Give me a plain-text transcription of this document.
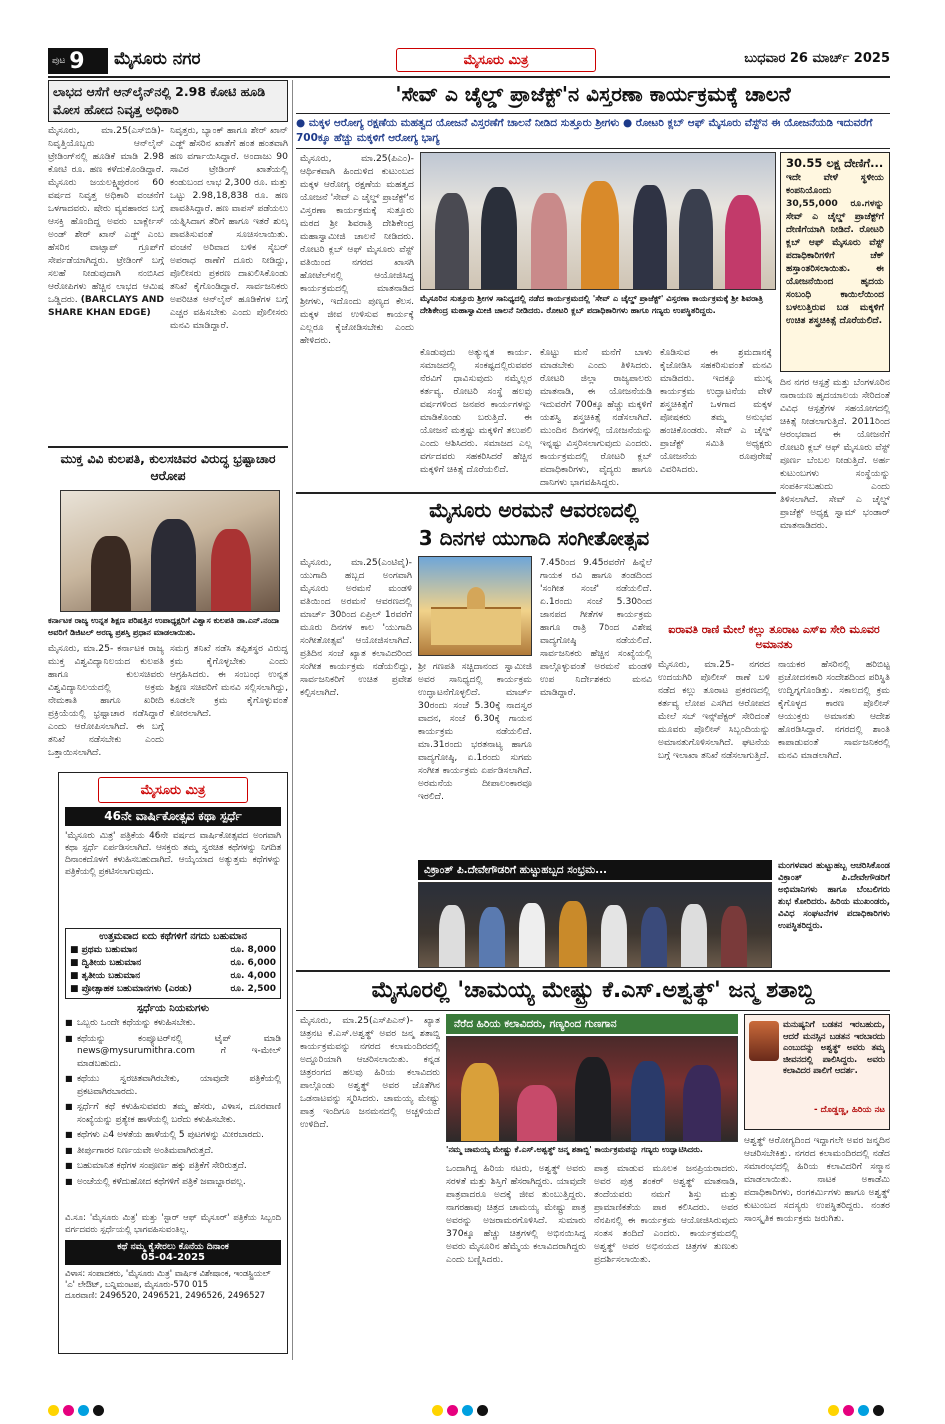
ಪುಟ 9 ಮೈಸೂರು ನಗರ	ಮೈಸೂರು ಮಿತ್ರ	ಬುಧವಾರ 26 ಮಾರ್ಚ್ 2025
ಲಾಭದ ಆಸೆಗೆ ಆನ್‌ಲೈನ್‌ನಲ್ಲಿ 2.98 ಕೋಟಿ ಹೂಡಿ ಮೋಸ ಹೋದ ನಿವೃತ್ತ ಅಧಿಕಾರಿ
ಮೈಸೂರು, ಮಾ.25(ಎಸ್‌ಬಿಡಿ)- ನಿವೃತ್ತಿಯೊಬ್ಬರು ಆನ್‌ಲೈನ್ ಟ್ರೇಡಿಂಗ್‌ನಲ್ಲಿ ಹೂಡಿಕೆ ಮಾಡಿ 2.98 ಕೋಟಿ ರೂ. ಹಣ ಕಳೆದುಕೊಂಡಿದ್ದಾರೆ. ಮೈಸೂರು ಜಯಲಕ್ಷ್ಮಿಪುರಂನ 60 ವರ್ಷದ ನಿವೃತ್ತ ಅಧಿಕಾರಿ ವಂಚನೆಗೆ ಒಳಗಾದವರು. ಷೇರು ವ್ಯವಹಾರದ ಬಗ್ಗೆ ಆಸಕ್ತಿ ಹೊಂದಿದ್ದ ಅವರು ಬಾರ್ಕ್ಲೇಸ್ ಅಂಡ್ ಶೇರ್ ಖಾನ್ ಎಡ್ಜ್ ಎಂಬ ಹೆಸರಿನ ವಾಟ್ಸಾಪ್ ಗ್ರೂಪ್‌ಗೆ ಸೇರ್ಪಡೆಯಾಗಿದ್ದರು. ಟ್ರೇಡಿಂಗ್ ಬಗ್ಗೆ ಸಲಹೆ ನೀಡುವುದಾಗಿ ನಂಬಿಸಿದ ಆರೋಪಿಗಳು ಹೆಚ್ಚಿನ ಲಾಭದ ಆಮಿಷ ಒಡ್ಡಿದರು. (BARCLAYS AND SHARE KHAN EDGE)
ನಿವೃತ್ತರು, ಬ್ಯಾಂಕ್ ಹಾಗೂ ಶೇರ್ ಖಾನ್ ಎಡ್ಜ್ ಹೆಸರಿನ ಖಾತೆಗೆ ಹಂತ ಹಂತವಾಗಿ ಹಣ ವರ್ಗಾಯಿಸಿದ್ದಾರೆ. ಅಂದಾಜು 90 ಸಾವಿರ ಟ್ರೇಡಿಂಗ್ ಖಾತೆಯಲ್ಲಿ ಕಂಡುಬಂದ ಲಾಭ 2,300 ರೂ. ಮತ್ತು ಒಟ್ಟು 2.98,18,838 ರೂ. ಹಣ ಪಾವತಿಸಿದ್ದಾರೆ. ಹಣ ವಾಪಸ್ ಪಡೆಯಲು ಯತ್ನಿಸಿದಾಗ ತೆರಿಗೆ ಹಾಗೂ ಇತರೆ ಶುಲ್ಕ ಪಾವತಿಸುವಂತೆ ಸೂಚಿಸಲಾಯಿತು. ವಂಚನೆ ಅರಿವಾದ ಬಳಿಕ ಸೈಬರ್ ಅಪರಾಧ ಠಾಣೆಗೆ ದೂರು ನೀಡಿದ್ದು, ಪೊಲೀಸರು ಪ್ರಕರಣ ದಾಖಲಿಸಿಕೊಂಡು ತನಿಖೆ ಕೈಗೊಂಡಿದ್ದಾರೆ. ಸಾರ್ವಜನಿಕರು ಅಪರಿಚಿತ ಆನ್‌ಲೈನ್ ಹೂಡಿಕೆಗಳ ಬಗ್ಗೆ ಎಚ್ಚರ ವಹಿಸಬೇಕು ಎಂದು ಪೊಲೀಸರು ಮನವಿ ಮಾಡಿದ್ದಾರೆ.
ಮುಕ್ತ ವಿವಿ ಕುಲಪತಿ, ಕುಲಸಚಿವರ ವಿರುದ್ಧ ಭ್ರಷ್ಟಾಚಾರ ಆರೋಪ
ಕರ್ನಾಟಕ ರಾಜ್ಯ ಉನ್ನತ ಶಿಕ್ಷಣ ಪರಿಷತ್ತಿನ ಉಪಾಧ್ಯಕ್ಷರಿಗೆ ವಿಶ್ವಾಸ ಕುಲಪತಿ ಡಾ.ಎನ್.ನಂದಾ ಅವರಿಗೆ ಡಿಜಿಟಲ್ ಅರಣ್ಯ ಪ್ರಶಸ್ತಿ ಪ್ರಧಾನ ಮಾಡಲಾಯಿತು.
ಮೈಸೂರು, ಮಾ.25- ಕರ್ನಾಟಕ ರಾಜ್ಯ ಮುಕ್ತ ವಿಶ್ವವಿದ್ಯಾನಿಲಯದ ಕುಲಪತಿ ಹಾಗೂ ಕುಲಸಚಿವರು ವಿಶ್ವವಿದ್ಯಾನಿಲಯದಲ್ಲಿ ಅಕ್ರಮ ನೇಮಕಾತಿ ಹಾಗೂ ಖರೀದಿ ಪ್ರಕ್ರಿಯೆಯಲ್ಲಿ ಭ್ರಷ್ಟಾಚಾರ ನಡೆಸಿದ್ದಾರೆ ಎಂದು ಆರೋಪಿಸಲಾಗಿದೆ. ಈ ಬಗ್ಗೆ ತನಿಖೆ ನಡೆಸಬೇಕು ಎಂದು ಒತ್ತಾಯಿಸಲಾಗಿದೆ.
ಸಮಗ್ರ ತನಿಖೆ ನಡೆಸಿ ತಪ್ಪಿತಸ್ಥರ ವಿರುದ್ಧ ಕ್ರಮ ಕೈಗೊಳ್ಳಬೇಕು ಎಂದು ಆಗ್ರಹಿಸಿದರು. ಈ ಸಂಬಂಧ ಉನ್ನತ ಶಿಕ್ಷಣ ಸಚಿವರಿಗೆ ಮನವಿ ಸಲ್ಲಿಸಲಾಗಿದ್ದು, ಕೂಡಲೇ ಕ್ರಮ ಕೈಗೊಳ್ಳುವಂತೆ ಕೋರಲಾಗಿದೆ.
ಮೈಸೂರು ಮಿತ್ರ
46ನೇ ವಾರ್ಷಿಕೋತ್ಸವ ಕಥಾ ಸ್ಪರ್ಧೆ
'ಮೈಸೂರು ಮಿತ್ರ' ಪತ್ರಿಕೆಯ 46ನೇ ವರ್ಷದ ವಾರ್ಷಿಕೋತ್ಸವದ ಅಂಗವಾಗಿ ಕಥಾ ಸ್ಪರ್ಧೆ ಏರ್ಪಡಿಸಲಾಗಿದೆ. ಆಸಕ್ತರು ತಮ್ಮ ಸ್ವರಚಿತ ಕಥೆಗಳನ್ನು ನಿಗದಿತ ದಿನಾಂಕದೊಳಗೆ ಕಳುಹಿಸಬಹುದಾಗಿದೆ. ಆಯ್ಕೆಯಾದ ಅತ್ಯುತ್ತಮ ಕಥೆಗಳನ್ನು ಪತ್ರಿಕೆಯಲ್ಲಿ ಪ್ರಕಟಿಸಲಾಗುವುದು.
ಉತ್ತಮವಾದ ಐದು ಕಥೆಗಳಿಗೆ ನಗದು ಬಹುಮಾನ
■ ಪ್ರಥಮ ಬಹುಮಾನ	ರೂ. 8,000
■ ದ್ವಿತೀಯ ಬಹುಮಾನ	ರೂ. 6,000
■ ತೃತೀಯ ಬಹುಮಾನ	ರೂ. 4,000
■ ಪ್ರೋತ್ಸಾಹಕ ಬಹುಮಾನಗಳು (ಎರಡು)	ರೂ. 2,500
ಸ್ಪರ್ಧೆಯ ನಿಯಮಗಳು
■ ಒಬ್ಬರು ಒಂದೇ ಕಥೆಯನ್ನು ಕಳುಹಿಸಬೇಕು.
■ ಕಥೆಯನ್ನು ಕಂಪ್ಯೂಟರ್‌ನಲ್ಲಿ ಟೈಪ್ ಮಾಡಿ news@mysurumithra.com ಗೆ ಇ-ಮೇಲ್ ಮಾಡಬಹುದು.
■ ಕಥೆಯು ಸ್ವರಚಿತವಾಗಿರಬೇಕು, ಯಾವುದೇ ಪತ್ರಿಕೆಯಲ್ಲಿ ಪ್ರಕಟವಾಗಿರಬಾರದು.
■ ಸ್ಪರ್ಧೆಗೆ ಕಥೆ ಕಳುಹಿಸುವವರು ತಮ್ಮ ಹೆಸರು, ವಿಳಾಸ, ದೂರವಾಣಿ ಸಂಖ್ಯೆಯನ್ನು ಪ್ರತ್ಯೇಕ ಹಾಳೆಯಲ್ಲಿ ಬರೆದು ಕಳುಹಿಸಬೇಕು.
■ ಕಥೆಗಳು ಎ4 ಅಳತೆಯ ಹಾಳೆಯಲ್ಲಿ 5 ಪುಟಗಳನ್ನು ಮೀರಬಾರದು.
■ ತೀರ್ಪುಗಾರರ ನಿರ್ಣಯವೇ ಅಂತಿಮವಾಗಿರುತ್ತದೆ.
■ ಬಹುಮಾನಿತ ಕಥೆಗಳ ಸಂಪೂರ್ಣ ಹಕ್ಕು ಪತ್ರಿಕೆಗೆ ಸೇರಿರುತ್ತದೆ.
■ ಅಂಚೆಯಲ್ಲಿ ಕಳೆದುಹೋದ ಕಥೆಗಳಿಗೆ ಪತ್ರಿಕೆ ಜವಾಬ್ದಾರವಲ್ಲ.
ವಿ.ಸೂ: 'ಮೈಸೂರು ಮಿತ್ರ' ಮತ್ತು 'ಸ್ಟಾರ್ ಆಫ್ ಮೈಸೂರ್' ಪತ್ರಿಕೆಯ ಸಿಬ್ಬಂದಿ ವರ್ಗದವರು ಸ್ಪರ್ಧೆಯಲ್ಲಿ ಭಾಗವಹಿಸುವಂತಿಲ್ಲ.
ಕಥೆ ನಮ್ಮ ಕೈಸೇರಲು ಕೊನೆಯ ದಿನಾಂಕ
05-04-2025
ವಿಳಾಸ: ಸಂಪಾದಕರು, 'ಮೈಸೂರು ಮಿತ್ರ' ವಾರ್ಷಿಕ ವಿಶೇಷಾಂಕ, ಇಂಡಸ್ಟ್ರಿಯಲ್ 'ಎ' ಲೇಔಟ್, ಬನ್ನಿಮಂಟಪ, ಮೈಸೂರು-570 015
ದೂರವಾಣಿ: 2496520, 2496521, 2496526, 2496527
'ಸೇವ್ ಎ ಚೈಲ್ಡ್ ಪ್ರಾಜೆಕ್ಟ್'ನ ವಿಸ್ತರಣಾ ಕಾರ್ಯಕ್ರಮಕ್ಕೆ ಚಾಲನೆ
● ಮಕ್ಕಳ ಆರೋಗ್ಯ ರಕ್ಷಣೆಯ ಮಹತ್ವದ ಯೋಜನೆ ವಿಸ್ತರಣೆಗೆ ಚಾಲನೆ ನೀಡಿದ ಸುತ್ತೂರು ಶ್ರೀಗಳು ● ರೋಟರಿ ಕ್ಲಬ್ ಆಫ್ ಮೈಸೂರು ವೆಸ್ಟ್‌ನ ಈ ಯೋಜನೆಯಡಿ ಇದುವರೆಗೆ 700ಕ್ಕೂ ಹೆಚ್ಚು ಮಕ್ಕಳಿಗೆ ಆರೋಗ್ಯ ಭಾಗ್ಯ
ಮೈಸೂರಿನ ಸುತ್ತೂರು ಶ್ರೀಗಳ ಸಾನಿಧ್ಯದಲ್ಲಿ ನಡೆದ ಕಾರ್ಯಕ್ರಮದಲ್ಲಿ 'ಸೇವ್ ಎ ಚೈಲ್ಡ್ ಪ್ರಾಜೆಕ್ಟ್' ವಿಸ್ತರಣಾ ಕಾರ್ಯಕ್ರಮಕ್ಕೆ ಶ್ರೀ ಶಿವರಾತ್ರಿ ದೇಶಿಕೇಂದ್ರ ಮಹಾಸ್ವಾಮೀಜಿ ಚಾಲನೆ ನೀಡಿದರು. ರೋಟರಿ ಕ್ಲಬ್ ಪದಾಧಿಕಾರಿಗಳು ಹಾಗೂ ಗಣ್ಯರು ಉಪಸ್ಥಿತರಿದ್ದರು.
ಮೈಸೂರು, ಮಾ.25(ಪಿಎಂ)- ಆರ್ಥಿಕವಾಗಿ ಹಿಂದುಳಿದ ಕುಟುಂಬದ ಮಕ್ಕಳ ಆರೋಗ್ಯ ರಕ್ಷಣೆಯ ಮಹತ್ವದ ಯೋಜನೆ 'ಸೇವ್ ಎ ಚೈಲ್ಡ್ ಪ್ರಾಜೆಕ್ಟ್'ನ ವಿಸ್ತರಣಾ ಕಾರ್ಯಕ್ರಮಕ್ಕೆ ಸುತ್ತೂರು ಮಠದ ಶ್ರೀ ಶಿವರಾತ್ರಿ ದೇಶಿಕೇಂದ್ರ ಮಹಾಸ್ವಾಮೀಜಿ ಚಾಲನೆ ನೀಡಿದರು. ರೋಟರಿ ಕ್ಲಬ್ ಆಫ್ ಮೈಸೂರು ವೆಸ್ಟ್ ವತಿಯಿಂದ ನಗರದ ಖಾಸಗಿ ಹೋಟೆಲ್‌ನಲ್ಲಿ ಆಯೋಜಿಸಿದ್ದ ಕಾರ್ಯಕ್ರಮದಲ್ಲಿ ಮಾತನಾಡಿದ ಶ್ರೀಗಳು, ಇದೊಂದು ಪುಣ್ಯದ ಕೆಲಸ. ಮಕ್ಕಳ ಜೀವ ಉಳಿಸುವ ಕಾರ್ಯಕ್ಕೆ ಎಲ್ಲರೂ ಕೈಜೋಡಿಸಬೇಕು ಎಂದು ಹೇಳಿದರು.
ಕೊಡುವುದು ಅತ್ಯುನ್ನತ ಕಾರ್ಯ. ಸಮಾಜದಲ್ಲಿ ಸಂಕಷ್ಟದಲ್ಲಿರುವವರ ನೆರವಿಗೆ ಧಾವಿಸುವುದು ನಮ್ಮೆಲ್ಲರ ಕರ್ತವ್ಯ. ರೋಟರಿ ಸಂಸ್ಥೆ ಹಲವು ವರ್ಷಗಳಿಂದ ಜನಪರ ಕಾರ್ಯಗಳನ್ನು ಮಾಡಿಕೊಂಡು ಬರುತ್ತಿದೆ. ಈ ಯೋಜನೆ ಮತ್ತಷ್ಟು ಮಕ್ಕಳಿಗೆ ತಲುಪಲಿ ಎಂದು ಆಶಿಸಿದರು. ಸಮಾಜದ ಎಲ್ಲ ವರ್ಗದವರು ಸಹಕರಿಸಿದರೆ ಹೆಚ್ಚಿನ ಮಕ್ಕಳಿಗೆ ಚಿಕಿತ್ಸೆ ದೊರೆಯಲಿದೆ.
ಕೊಟ್ಟು ಮನೆ ಮನೆಗೆ ಬಾಳು ಮಾಡಬೇಕು ಎಂದು ತಿಳಿಸಿದರು. ರೋಟರಿ ಜಿಲ್ಲಾ ರಾಜ್ಯಪಾಲರು ಮಾತನಾಡಿ, ಈ ಯೋಜನೆಯಡಿ ಇದುವರೆಗೆ 700ಕ್ಕೂ ಹೆಚ್ಚು ಮಕ್ಕಳಿಗೆ ಯಶಸ್ವಿ ಶಸ್ತ್ರಚಿಕಿತ್ಸೆ ನಡೆಸಲಾಗಿದೆ. ಮುಂದಿನ ದಿನಗಳಲ್ಲಿ ಯೋಜನೆಯನ್ನು ಇನ್ನಷ್ಟು ವಿಸ್ತರಿಸಲಾಗುವುದು ಎಂದರು. ಕಾರ್ಯಕ್ರಮದಲ್ಲಿ ರೋಟರಿ ಕ್ಲಬ್ ಪದಾಧಿಕಾರಿಗಳು, ವೈದ್ಯರು ಹಾಗೂ ದಾನಿಗಳು ಭಾಗವಹಿಸಿದ್ದರು.
ಕೊಡಿಸುವ ಈ ಶ್ರಮದಾನಕ್ಕೆ ಕೈಜೋಡಿಸಿ ಸಹಕರಿಸುವಂತೆ ಮನವಿ ಮಾಡಿದರು. ಇದಕ್ಕೂ ಮುನ್ನ ಕಾರ್ಯಕ್ರಮ ಉದ್ಘಾಟನೆಯ ವೇಳೆ ಶಸ್ತ್ರಚಿಕಿತ್ಸೆಗೆ ಒಳಗಾದ ಮಕ್ಕಳ ಪೋಷಕರು ತಮ್ಮ ಅನುಭವ ಹಂಚಿಕೊಂಡರು. ಸೇವ್ ಎ ಚೈಲ್ಡ್ ಪ್ರಾಜೆಕ್ಟ್ ಸಮಿತಿ ಅಧ್ಯಕ್ಷರು ಯೋಜನೆಯ ರೂಪುರೇಷೆ ವಿವರಿಸಿದರು.
30.55 ಲಕ್ಷ ದೇಣಿಗೆ...
ಇದೇ ವೇಳೆ ಸ್ಥಳೀಯ ಕಂಪನಿಯೊಂದು 30,55,000 ರೂ.ಗಳನ್ನು ಸೇವ್ ಎ ಚೈಲ್ಡ್ ಪ್ರಾಜೆಕ್ಟ್‌ಗೆ ದೇಣಿಗೆಯಾಗಿ ನೀಡಿದೆ. ರೋಟರಿ ಕ್ಲಬ್ ಆಫ್ ಮೈಸೂರು ವೆಸ್ಟ್ ಪದಾಧಿಕಾರಿಗಳಿಗೆ ಚೆಕ್ ಹಸ್ತಾಂತರಿಸಲಾಯಿತು. ಈ ಯೋಜನೆಯಿಂದ ಹೃದಯ ಸಂಬಂಧಿ ಕಾಯಿಲೆಯಿಂದ ಬಳಲುತ್ತಿರುವ ಬಡ ಮಕ್ಕಳಿಗೆ ಉಚಿತ ಶಸ್ತ್ರಚಿಕಿತ್ಸೆ ದೊರೆಯಲಿದೆ.
ದಿನ ನಗರ ಆಸ್ಪತ್ರೆ ಮತ್ತು ಬೆಂಗಳೂರಿನ ನಾರಾಯಣ ಹೃದಯಾಲಯ ಸೇರಿದಂತೆ ವಿವಿಧ ಆಸ್ಪತ್ರೆಗಳ ಸಹಯೋಗದಲ್ಲಿ ಚಿಕಿತ್ಸೆ ನೀಡಲಾಗುತ್ತಿದೆ. 2011ರಿಂದ ಆರಂಭವಾದ ಈ ಯೋಜನೆಗೆ ರೋಟರಿ ಕ್ಲಬ್ ಆಫ್ ಮೈಸೂರು ವೆಸ್ಟ್ ಪೂರ್ಣ ಬೆಂಬಲ ನೀಡುತ್ತಿದೆ. ಅರ್ಹ ಕುಟುಂಬಗಳು ಸಂಸ್ಥೆಯನ್ನು ಸಂಪರ್ಕಿಸಬಹುದು ಎಂದು ತಿಳಿಸಲಾಗಿದೆ. ಸೇವ್ ಎ ಚೈಲ್ಡ್ ಪ್ರಾಜೆಕ್ಟ್ ಅಧ್ಯಕ್ಷ ಸ್ವಾಮ್ ಭಂಡಾರ್ ಮಾತನಾಡಿದರು.
ಮೈಸೂರು ಅರಮನೆ ಆವರಣದಲ್ಲಿ
3 ದಿನಗಳ ಯುಗಾದಿ ಸಂಗೀತೋತ್ಸವ
ಮೈಸೂರು, ಮಾ.25(ಎಂಟಿವೈ)- ಯುಗಾದಿ ಹಬ್ಬದ ಅಂಗವಾಗಿ ಮೈಸೂರು ಅರಮನೆ ಮಂಡಳಿ ವತಿಯಿಂದ ಅರಮನೆ ಆವರಣದಲ್ಲಿ ಮಾರ್ಚ್ 30ರಿಂದ ಏಪ್ರಿಲ್ 1ರವರೆಗೆ ಮೂರು ದಿನಗಳ ಕಾಲ 'ಯುಗಾದಿ ಸಂಗೀತೋತ್ಸವ' ಆಯೋಜಿಸಲಾಗಿದೆ. ಪ್ರತಿದಿನ ಸಂಜೆ ಖ್ಯಾತ ಕಲಾವಿದರಿಂದ ಸಂಗೀತ ಕಾರ್ಯಕ್ರಮ ನಡೆಯಲಿದ್ದು, ಸಾರ್ವಜನಿಕರಿಗೆ ಉಚಿತ ಪ್ರವೇಶ ಕಲ್ಪಿಸಲಾಗಿದೆ.
ಶ್ರೀ ಗಣಪತಿ ಸಚ್ಚಿದಾನಂದ ಸ್ವಾಮೀಜಿ ಅವರ ಸಾನಿಧ್ಯದಲ್ಲಿ ಕಾರ್ಯಕ್ರಮ ಉದ್ಘಾಟನೆಗೊಳ್ಳಲಿದೆ. ಮಾರ್ಚ್ 30ರಂದು ಸಂಜೆ 5.30ಕ್ಕೆ ನಾದಸ್ವರ ವಾದನ, ಸಂಜೆ 6.30ಕ್ಕೆ ಗಾಯನ ಕಾರ್ಯಕ್ರಮ ನಡೆಯಲಿದೆ. ಮಾ.31ರಂದು ಭರತನಾಟ್ಯ ಹಾಗೂ ವಾದ್ಯಗೋಷ್ಠಿ, ಏ.1ರಂದು ಸುಗಮ ಸಂಗೀತ ಕಾರ್ಯಕ್ರಮ ಏರ್ಪಡಿಸಲಾಗಿದೆ. ಅರಮನೆಯ ದೀಪಾಲಂಕಾರವೂ ಇರಲಿದೆ.
7.45ರಿಂದ 9.45ರವರೆಗೆ ಹಿನ್ನೆಲೆ ಗಾಯಕ ರವಿ ಹಾಗೂ ತಂಡದಿಂದ 'ಸಂಗೀತ ಸಂಜೆ' ನಡೆಯಲಿದೆ. ಏ.1ರಂದು ಸಂಜೆ 5.30ರಿಂದ ಜಾನಪದ ಗೀತೆಗಳ ಕಾರ್ಯಕ್ರಮ ಹಾಗೂ ರಾತ್ರಿ 7ರಿಂದ ವಿಶೇಷ ವಾದ್ಯಗೋಷ್ಠಿ ನಡೆಯಲಿದೆ. ಸಾರ್ವಜನಿಕರು ಹೆಚ್ಚಿನ ಸಂಖ್ಯೆಯಲ್ಲಿ ಪಾಲ್ಗೊಳ್ಳುವಂತೆ ಅರಮನೆ ಮಂಡಳಿ ಉಪ ನಿರ್ದೇಶಕರು ಮನವಿ ಮಾಡಿದ್ದಾರೆ.
ಐರಾವತಿ ರಾಣಿ ಮೇಲೆ ಕಲ್ಲು ತೂರಾಟ ಎಸ್‌ಐ ಸೇರಿ ಮೂವರ ಅಮಾನತು
ಮೈಸೂರು, ಮಾ.25- ನಗರದ ಉದಯಗಿರಿ ಪೊಲೀಸ್ ಠಾಣೆ ಬಳಿ ನಡೆದ ಕಲ್ಲು ತೂರಾಟ ಪ್ರಕರಣದಲ್ಲಿ ಕರ್ತವ್ಯ ಲೋಪ ಎಸಗಿದ ಆರೋಪದ ಮೇಲೆ ಸಬ್ ಇನ್ಸ್‌ಪೆಕ್ಟರ್ ಸೇರಿದಂತೆ ಮೂವರು ಪೊಲೀಸ್ ಸಿಬ್ಬಂದಿಯನ್ನು ಅಮಾನತುಗೊಳಿಸಲಾಗಿದೆ. ಘಟನೆಯ ಬಗ್ಗೆ ಇಲಾಖಾ ತನಿಖೆ ನಡೆಸಲಾಗುತ್ತಿದೆ.
ನಾಯಕರ ಹೆಸರಿನಲ್ಲಿ ಹರಿಬಿಟ್ಟ ಪ್ರಚೋದನಕಾರಿ ಸಂದೇಶದಿಂದ ಪರಿಸ್ಥಿತಿ ಉದ್ವಿಗ್ನಗೊಂಡಿತ್ತು. ಸಕಾಲದಲ್ಲಿ ಕ್ರಮ ಕೈಗೊಳ್ಳದ ಕಾರಣ ಪೊಲೀಸ್ ಆಯುಕ್ತರು ಅಮಾನತು ಆದೇಶ ಹೊರಡಿಸಿದ್ದಾರೆ. ನಗರದಲ್ಲಿ ಶಾಂತಿ ಕಾಪಾಡುವಂತೆ ಸಾರ್ವಜನಿಕರಲ್ಲಿ ಮನವಿ ಮಾಡಲಾಗಿದೆ.
ವಿಕ್ರಾಂತ್ ಪಿ.ದೇವೇಗೌಡರಿಗೆ ಹುಟ್ಟುಹಬ್ಬದ ಸಂಭ್ರಮ...	ಮಂಗಳವಾರ ಹುಟ್ಟುಹಬ್ಬ ಆಚರಿಸಿಕೊಂಡ ವಿಕ್ರಾಂತ್ ಪಿ.ದೇವೇಗೌಡರಿಗೆ ಅಭಿಮಾನಿಗಳು ಹಾಗೂ ಬೆಂಬಲಿಗರು ಶುಭ ಕೋರಿದರು. ಹಿರಿಯ ಮುಖಂಡರು, ವಿವಿಧ ಸಂಘಟನೆಗಳ ಪದಾಧಿಕಾರಿಗಳು ಉಪಸ್ಥಿತರಿದ್ದರು.
ಮೈಸೂರಲ್ಲಿ 'ಚಾಮಯ್ಯ ಮೇಷ್ಟ್ರು ಕೆ.ಎಸ್.ಅಶ್ವತ್ಥ್' ಜನ್ಮ ಶತಾಬ್ದಿ
ಮೈಸೂರು, ಮಾ.25(ಎಸ್‌ಪಿಎನ್)- ಖ್ಯಾತ ಚಿತ್ರನಟ ಕೆ.ಎಸ್.ಅಶ್ವತ್ಥ್ ಅವರ ಜನ್ಮ ಶತಾಬ್ದಿ ಕಾರ್ಯಕ್ರಮವನ್ನು ನಗರದ ಕಲಾಮಂದಿರದಲ್ಲಿ ಅದ್ದೂರಿಯಾಗಿ ಆಚರಿಸಲಾಯಿತು. ಕನ್ನಡ ಚಿತ್ರರಂಗದ ಹಲವು ಹಿರಿಯ ಕಲಾವಿದರು ಪಾಲ್ಗೊಂಡು ಅಶ್ವತ್ಥ್ ಅವರ ಜೊತೆಗಿನ ಒಡನಾಟವನ್ನು ಸ್ಮರಿಸಿದರು. ಚಾಮಯ್ಯ ಮೇಷ್ಟ್ರು ಪಾತ್ರ ಇಂದಿಗೂ ಜನಮನದಲ್ಲಿ ಅಚ್ಚಳಿಯದೆ ಉಳಿದಿದೆ.
ನೆರೆದ ಹಿರಿಯ ಕಲಾವಿದರು, ಗಣ್ಯರಿಂದ ಗುಣಗಾನ
'ನಮ್ಮ ಚಾಮಯ್ಯ ಮೇಷ್ಟ್ರು ಕೆ.ಎಸ್.ಅಶ್ವತ್ಥ್ ಜನ್ಮ ಶತಾಬ್ದಿ' ಕಾರ್ಯಕ್ರಮವನ್ನು ಗಣ್ಯರು ಉದ್ಘಾಟಿಸಿದರು.
ಮನುಷ್ಯನಿಗೆ ಬಡತನ ಇರಬಹುದು, ಆದರೆ ಮನಸ್ಸಿನ ಬಡತನ ಇರಬಾರದು ಎಂಬುದನ್ನು ಅಶ್ವತ್ಥ್ ಅವರು ತಮ್ಮ ಜೀವನದಲ್ಲಿ ಪಾಲಿಸಿದ್ದರು. ಅವರು ಕಲಾವಿದರ ಪಾಲಿಗೆ ಆದರ್ಶ.
- ದೊಡ್ಡಣ್ಣ, ಹಿರಿಯ ನಟ
ಒಂದಾಗಿದ್ದ ಹಿರಿಯ ನಟರು, ಅಶ್ವತ್ಥ್ ಅವರು ಸರಳತೆ ಮತ್ತು ಶಿಸ್ತಿಗೆ ಹೆಸರಾಗಿದ್ದರು. ಯಾವುದೇ ಪಾತ್ರವಾದರೂ ಅದಕ್ಕೆ ಜೀವ ತುಂಬುತ್ತಿದ್ದರು. ನಾಗರಹಾವು ಚಿತ್ರದ ಚಾಮಯ್ಯ ಮೇಷ್ಟ್ರು ಪಾತ್ರ ಅವರನ್ನು ಅಜರಾಮರಗೊಳಿಸಿದೆ. ಸುಮಾರು 370ಕ್ಕೂ ಹೆಚ್ಚು ಚಿತ್ರಗಳಲ್ಲಿ ಅಭಿನಯಿಸಿದ್ದ ಅವರು ಮೈಸೂರಿನ ಹೆಮ್ಮೆಯ ಕಲಾವಿದರಾಗಿದ್ದರು ಎಂದು ಬಣ್ಣಿಸಿದರು.
ಪಾತ್ರ ಮಾಡುವ ಮೂಲಕ ಜನಪ್ರಿಯರಾದರು. ಅವರ ಪುತ್ರ ಶಂಕರ್ ಅಶ್ವತ್ಥ್ ಮಾತನಾಡಿ, ತಂದೆಯವರು ನಮಗೆ ಶಿಸ್ತು ಮತ್ತು ಪ್ರಾಮಾಣಿಕತೆಯ ಪಾಠ ಕಲಿಸಿದರು. ಅವರ ನೆನಪಿನಲ್ಲಿ ಈ ಕಾರ್ಯಕ್ರಮ ಆಯೋಜಿಸಿರುವುದು ಸಂತಸ ತಂದಿದೆ ಎಂದರು. ಕಾರ್ಯಕ್ರಮದಲ್ಲಿ ಅಶ್ವತ್ಥ್ ಅವರ ಅಭಿನಯದ ಚಿತ್ರಗಳ ತುಣುಕು ಪ್ರದರ್ಶಿಸಲಾಯಿತು.
ಆಶ್ವತ್ಥ್ ಆರೋಗ್ಯದಿಂದ ಇದ್ದಾಗಲೇ ಅವರ ಜನ್ಮದಿನ ಆಚರಿಸಬೇಕಿತ್ತು. ನಗರದ ಕಲಾಮಂದಿರದಲ್ಲಿ ನಡೆದ ಸಮಾರಂಭದಲ್ಲಿ ಹಿರಿಯ ಕಲಾವಿದರಿಗೆ ಸನ್ಮಾನ ಮಾಡಲಾಯಿತು. ನಾಟಕ ಅಕಾಡೆಮಿ ಪದಾಧಿಕಾರಿಗಳು, ರಂಗಕರ್ಮಿಗಳು ಹಾಗೂ ಅಶ್ವತ್ಥ್ ಕುಟುಂಬದ ಸದಸ್ಯರು ಉಪಸ್ಥಿತರಿದ್ದರು. ನಂತರ ಸಾಂಸ್ಕೃತಿಕ ಕಾರ್ಯಕ್ರಮ ಜರುಗಿತು.
